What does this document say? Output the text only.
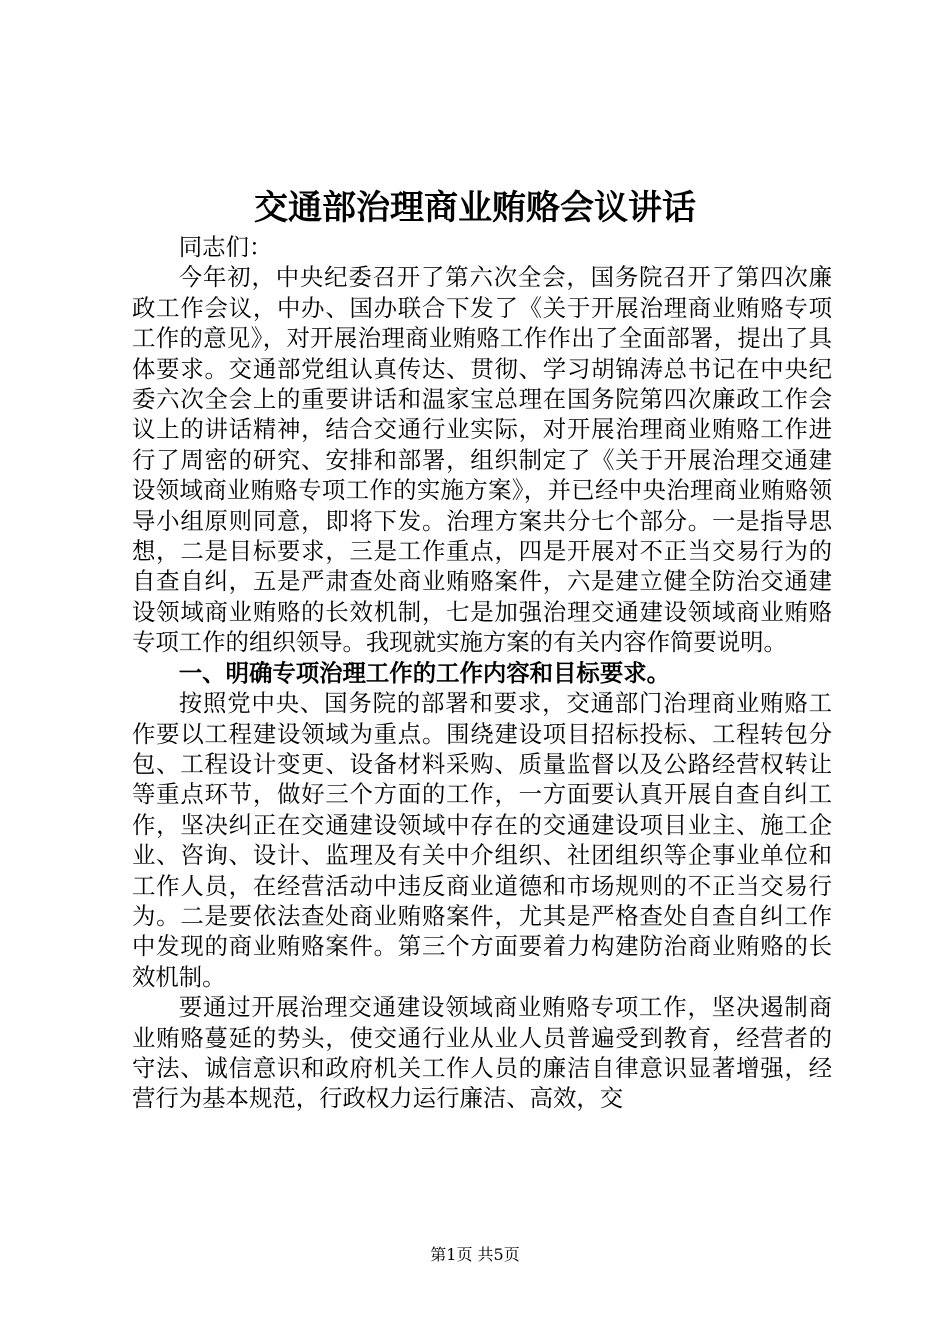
交通部治理商业贿赂会议讲话

同志们：

今年初，中央纪委召开了第六次全会，国务院召开了第四次廉政工作会议，中办、国办联合下发了《关于开展治理商业贿赂专项工作的意见》，对开展治理商业贿赂工作作出了全面部署，提出了具体要求。交通部党组认真传达、贯彻、学习胡锦涛总书记在中央纪委六次全会上的重要讲话和温家宝总理在国务院第四次廉政工作会议上的讲话精神，结合交通行业实际，对开展治理商业贿赂工作进行了周密的研究、安排和部署，组织制定了《关于开展治理交通建设领域商业贿赂专项工作的实施方案》，并已经中央治理商业贿赂领导小组原则同意，即将下发。治理方案共分七个部分。一是指导思想，二是目标要求，三是工作重点，四是开展对不正当交易行为的自查自纠，五是严肃查处商业贿赂案件，六是建立健全防治交通建设领域商业贿赂的长效机制，七是加强治理交通建设领域商业贿赂专项工作的组织领导。我现就实施方案的有关内容作简要说明。

一、明确专项治理工作的工作内容和目标要求。

按照党中央、国务院的部署和要求，交通部门治理商业贿赂工作要以工程建设领域为重点。围绕建设项目招标投标、工程转包分包、工程设计变更、设备材料采购、质量监督以及公路经营权转让等重点环节，做好三个方面的工作，一方面要认真开展自查自纠工作，坚决纠正在交通建设领域中存在的交通建设项目业主、施工企业、咨询、设计、监理及有关中介组织、社团组织等企事业单位和工作人员，在经营活动中违反商业道德和市场规则的不正当交易行为。二是要依法查处商业贿赂案件，尤其是严格查处自查自纠工作中发现的商业贿赂案件。第三个方面要着力构建防治商业贿赂的长效机制。

要通过开展治理交通建设领域商业贿赂专项工作，坚决遏制商业贿赂蔓延的势头，使交通行业从业人员普遍受到教育，经营者的守法、诚信意识和政府机关工作人员的廉洁自律意识显著增强，经营行为基本规范，行政权力运行廉洁、高效，交

第1页 共5页
